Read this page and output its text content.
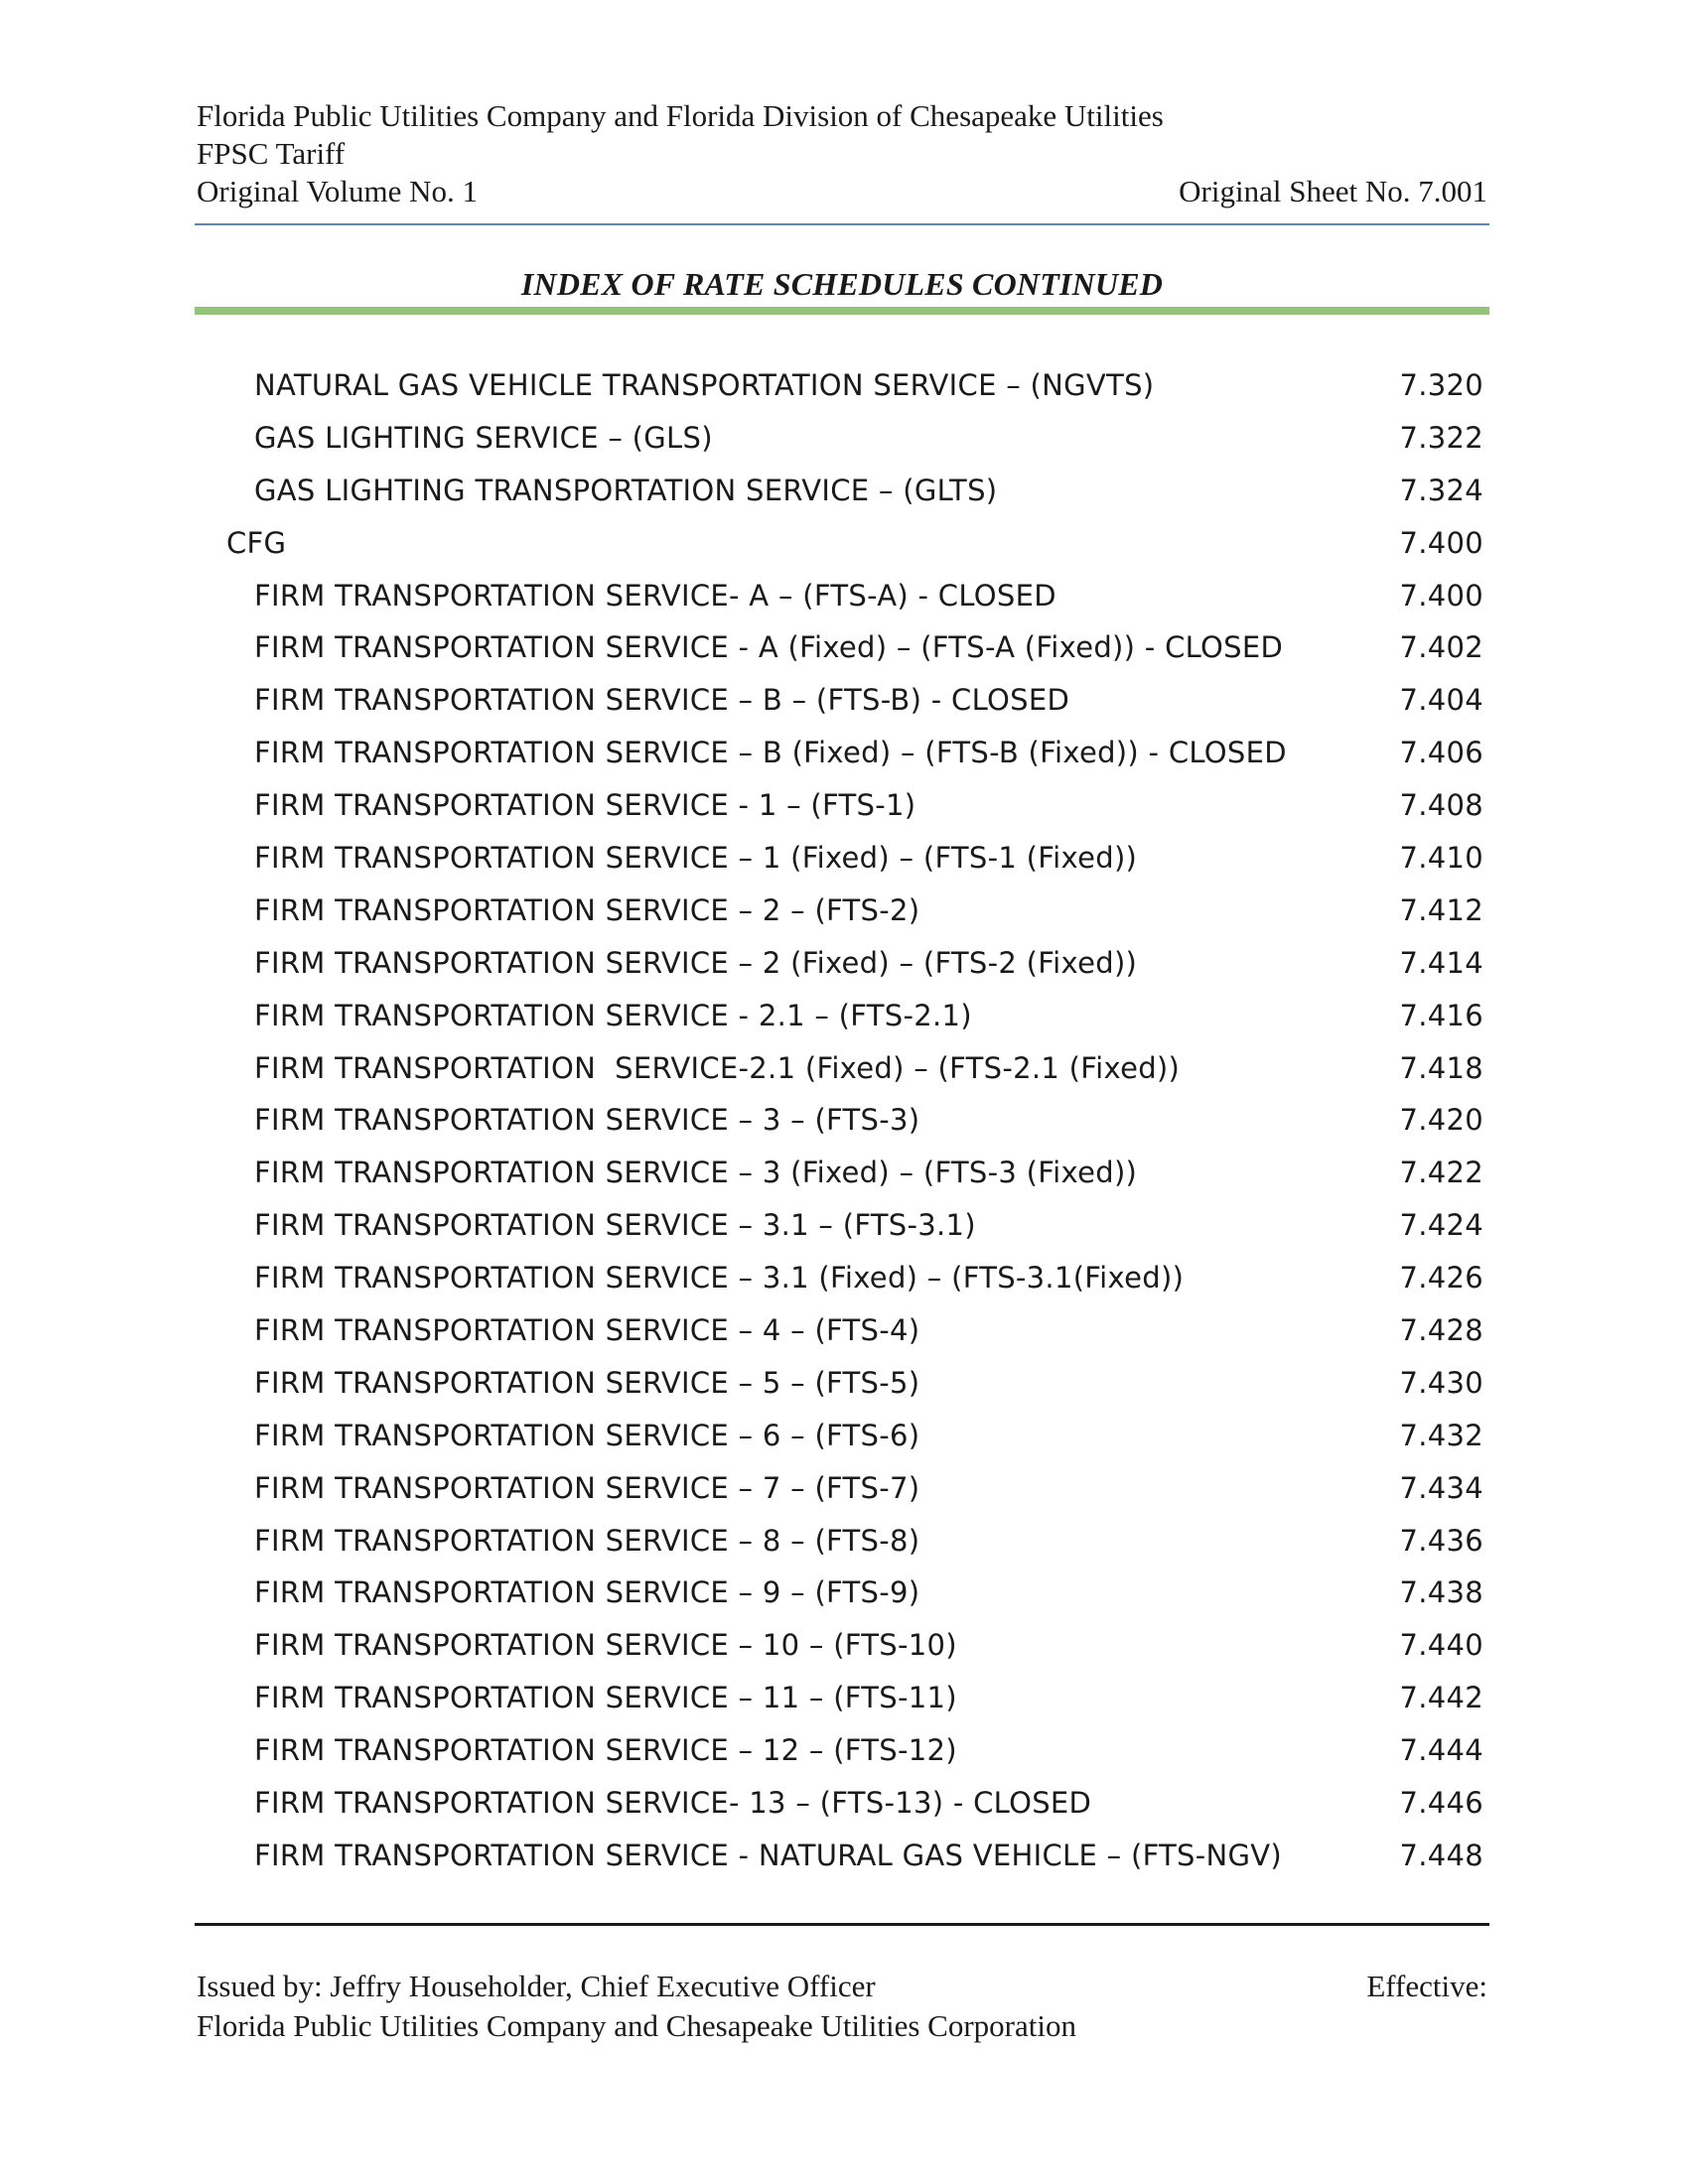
Florida Public Utilities Company and Florida Division of Chesapeake Utilities
FPSC Tariff
Original Volume No. 1	Original Sheet No. 7.001
INDEX OF RATE SCHEDULES CONTINUED
NATURAL GAS VEHICLE TRANSPORTATION SERVICE – (NGVTS)	7.320
GAS LIGHTING SERVICE – (GLS)	7.322
GAS LIGHTING TRANSPORTATION SERVICE – (GLTS)	7.324
CFG	7.400
FIRM TRANSPORTATION SERVICE- A – (FTS-A) - CLOSED	7.400
FIRM TRANSPORTATION SERVICE - A (Fixed) – (FTS-A (Fixed)) - CLOSED	7.402
FIRM TRANSPORTATION SERVICE – B – (FTS-B) - CLOSED	7.404
FIRM TRANSPORTATION SERVICE – B (Fixed) – (FTS-B (Fixed)) - CLOSED	7.406
FIRM TRANSPORTATION SERVICE - 1 – (FTS-1)	7.408
FIRM TRANSPORTATION SERVICE – 1 (Fixed) – (FTS-1 (Fixed))	7.410
FIRM TRANSPORTATION SERVICE – 2 – (FTS-2)	7.412
FIRM TRANSPORTATION SERVICE – 2 (Fixed) – (FTS-2 (Fixed))	7.414
FIRM TRANSPORTATION SERVICE - 2.1 – (FTS-2.1)	7.416
FIRM TRANSPORTATION  SERVICE-2.1 (Fixed) – (FTS-2.1 (Fixed))	7.418
FIRM TRANSPORTATION SERVICE – 3 – (FTS-3)	7.420
FIRM TRANSPORTATION SERVICE – 3 (Fixed) – (FTS-3 (Fixed))	7.422
FIRM TRANSPORTATION SERVICE – 3.1 – (FTS-3.1)	7.424
FIRM TRANSPORTATION SERVICE – 3.1 (Fixed) – (FTS-3.1(Fixed))	7.426
FIRM TRANSPORTATION SERVICE – 4 – (FTS-4)	7.428
FIRM TRANSPORTATION SERVICE – 5 – (FTS-5)	7.430
FIRM TRANSPORTATION SERVICE – 6 – (FTS-6)	7.432
FIRM TRANSPORTATION SERVICE – 7 – (FTS-7)	7.434
FIRM TRANSPORTATION SERVICE – 8 – (FTS-8)	7.436
FIRM TRANSPORTATION SERVICE – 9 – (FTS-9)	7.438
FIRM TRANSPORTATION SERVICE – 10 – (FTS-10)	7.440
FIRM TRANSPORTATION SERVICE – 11 – (FTS-11)	7.442
FIRM TRANSPORTATION SERVICE – 12 – (FTS-12)	7.444
FIRM TRANSPORTATION SERVICE- 13 – (FTS-13) - CLOSED	7.446
FIRM TRANSPORTATION SERVICE - NATURAL GAS VEHICLE – (FTS-NGV)	7.448
Issued by: Jeffry Householder, Chief Executive Officer	Effective:
Florida Public Utilities Company and Chesapeake Utilities Corporation
